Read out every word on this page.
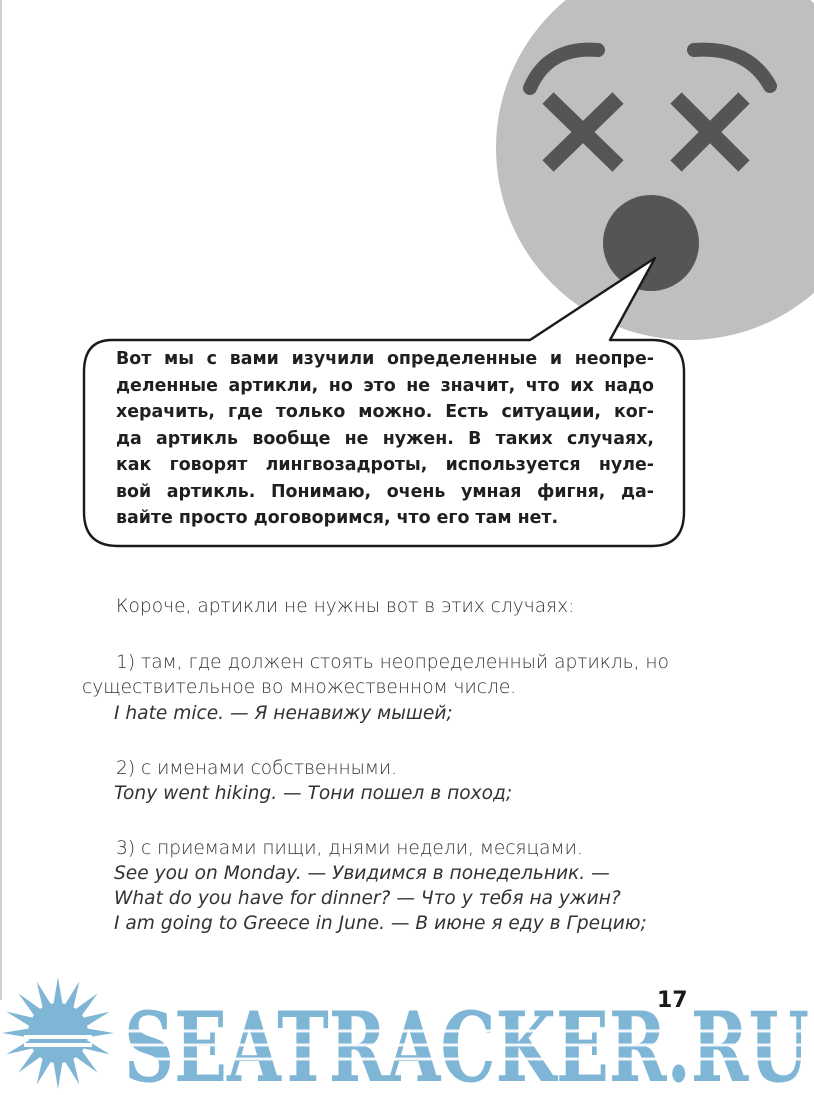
Вот мы с вами изучили определенные и неопре-
деленные артикли, но это не значит, что их надо
херачить, где только можно. Есть ситуации, ког-
да артикль вообще не нужен. В таких случаях,
как говорят лингвозадроты, используется нуле-
вой артикль. Понимаю, очень умная фигня, да-
вайте просто договоримся, что его там нет.
Короче, артикли не нужны вот в этих случаях:
1) там, где должен стоять неопределенный артикль, но
существительное во множественном числе.
I hate mice. — Я ненавижу мышей;
2) с именами собственными.
Tony went hiking. — Тони пошел в поход;
3) с приемами пищи, днями недели, месяцами.
See you on Monday. — Увидимся в понедельник. —
What do you have for dinner? — Что у тебя на ужин?
I am going to Greece in June. — В июне я еду в Грецию;
SEATRACKER.RU
17
